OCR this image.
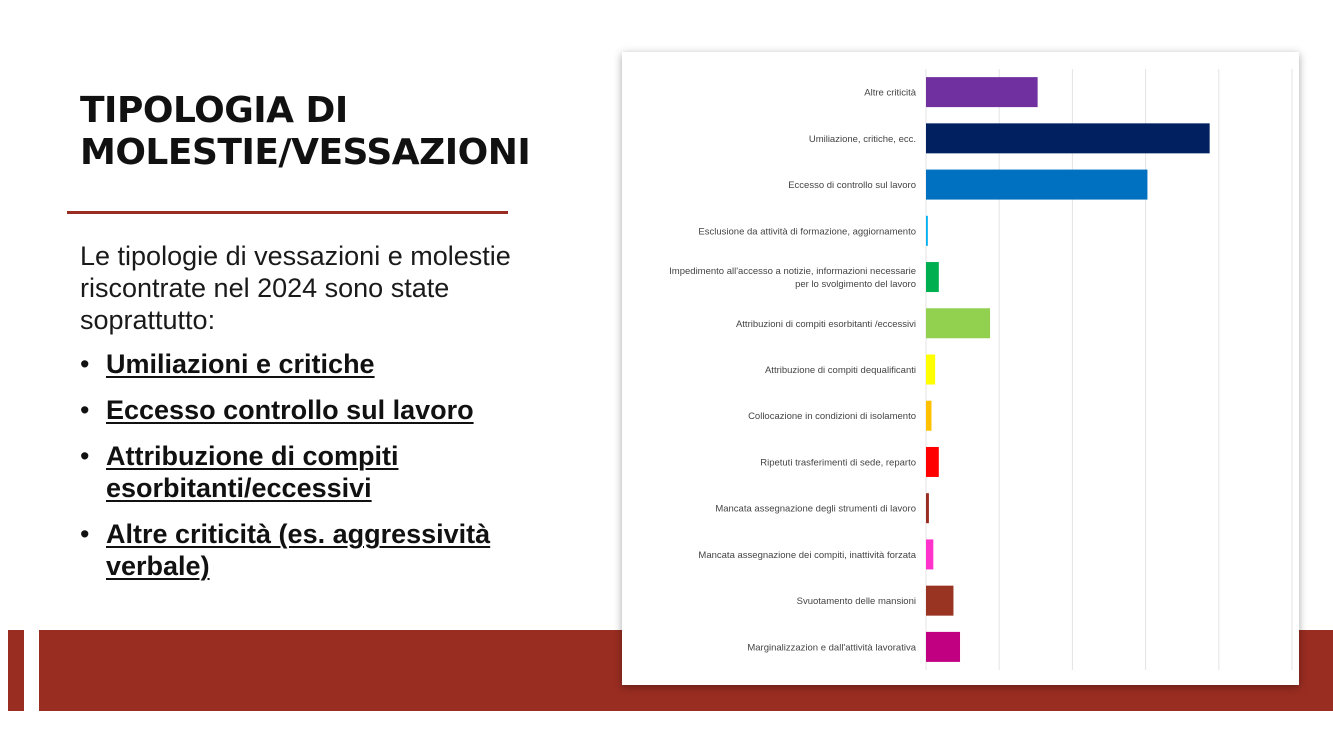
TIPOLOGIA DI
MOLESTIE/VESSAZIONI
Le tipologie di vessazioni e molestie
riscontrate nel 2024 sono state
soprattutto:
• Umiliazioni e critiche
• Eccesso controllo sul lavoro
• Attribuzione di compiti
esorbitanti/eccessivi
• Altre criticità (es. aggressività
verbale)
Altre criticità
Umiliazione, critiche, ecc.
Eccesso di controllo sul lavoro
Esclusione da attività di formazione, aggiornamento
Impedimento all'accesso a notizie, informazioni necessarie
per lo svolgimento del lavoro
Attribuzioni di compiti esorbitanti /eccessivi
Attribuzione di compiti dequalificanti
Collocazione in condizioni di isolamento
Ripetuti trasferimenti di sede, reparto
Mancata assegnazione degli strumenti di lavoro
Mancata assegnazione dei compiti, inattività forzata
Svuotamento delle mansioni
Marginalizzazion e dall'attività lavorativa
